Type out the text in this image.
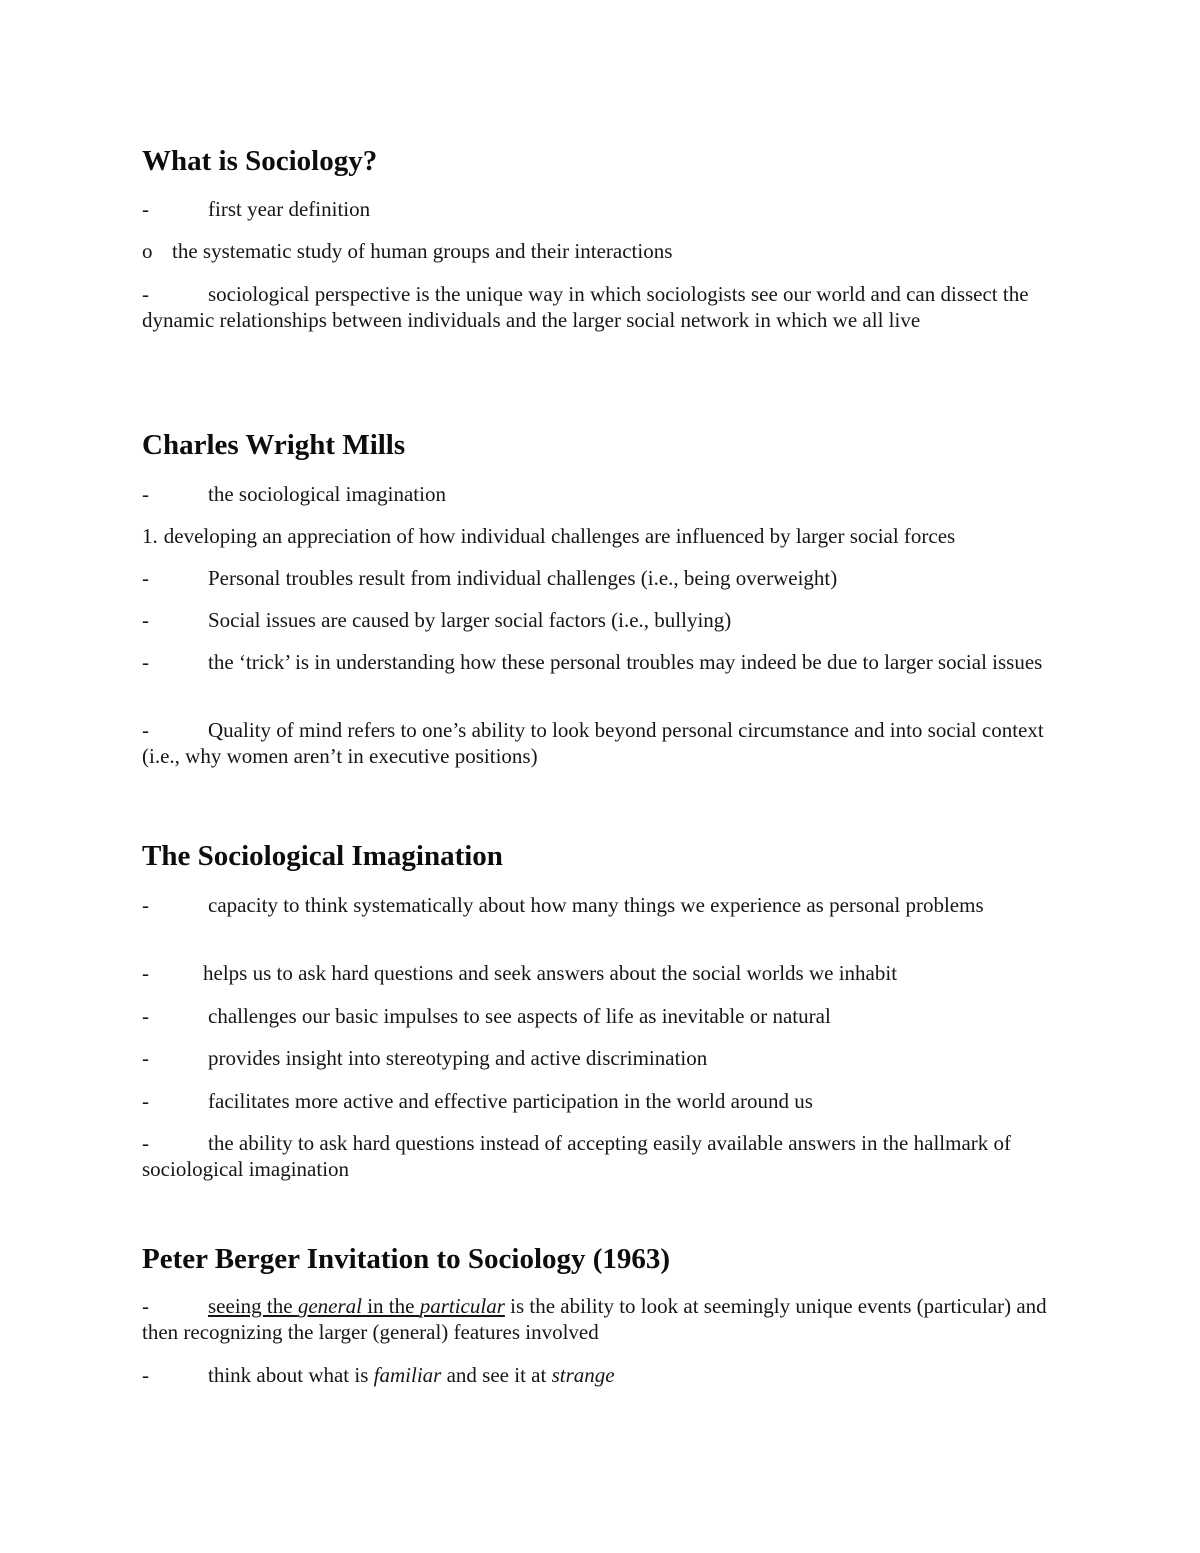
What is Sociology?
-	first year definition
o the systematic study of human groups and their interactions
-	sociological perspective is the unique way in which sociologists see our world and can dissect the dynamic relationships between individuals and the larger social network in which we all live
Charles Wright Mills
-	the sociological imagination
1. developing an appreciation of how individual challenges are influenced by larger social forces
-	Personal troubles result from individual challenges (i.e., being overweight)
-	Social issues are caused by larger social factors (i.e., bullying)
-	the ‘trick’ is in understanding how these personal troubles may indeed be due to larger social issues
-	Quality of mind refers to one’s ability to look beyond personal circumstance and into social context (i.e., why women aren’t in executive positions)
The Sociological Imagination
-	capacity to think systematically about how many things we experience as personal problems
-	helps us to ask hard questions and seek answers about the social worlds we inhabit
-	challenges our basic impulses to see aspects of life as inevitable or natural
-	provides insight into stereotyping and active discrimination
-	facilitates more active and effective participation in the world around us
-	the ability to ask hard questions instead of accepting easily available answers in the hallmark of sociological imagination
Peter Berger Invitation to Sociology (1963)
-	seeing the general in the particular is the ability to look at seemingly unique events (particular) and then recognizing the larger (general) features involved
-	think about what is familiar and see it at strange
